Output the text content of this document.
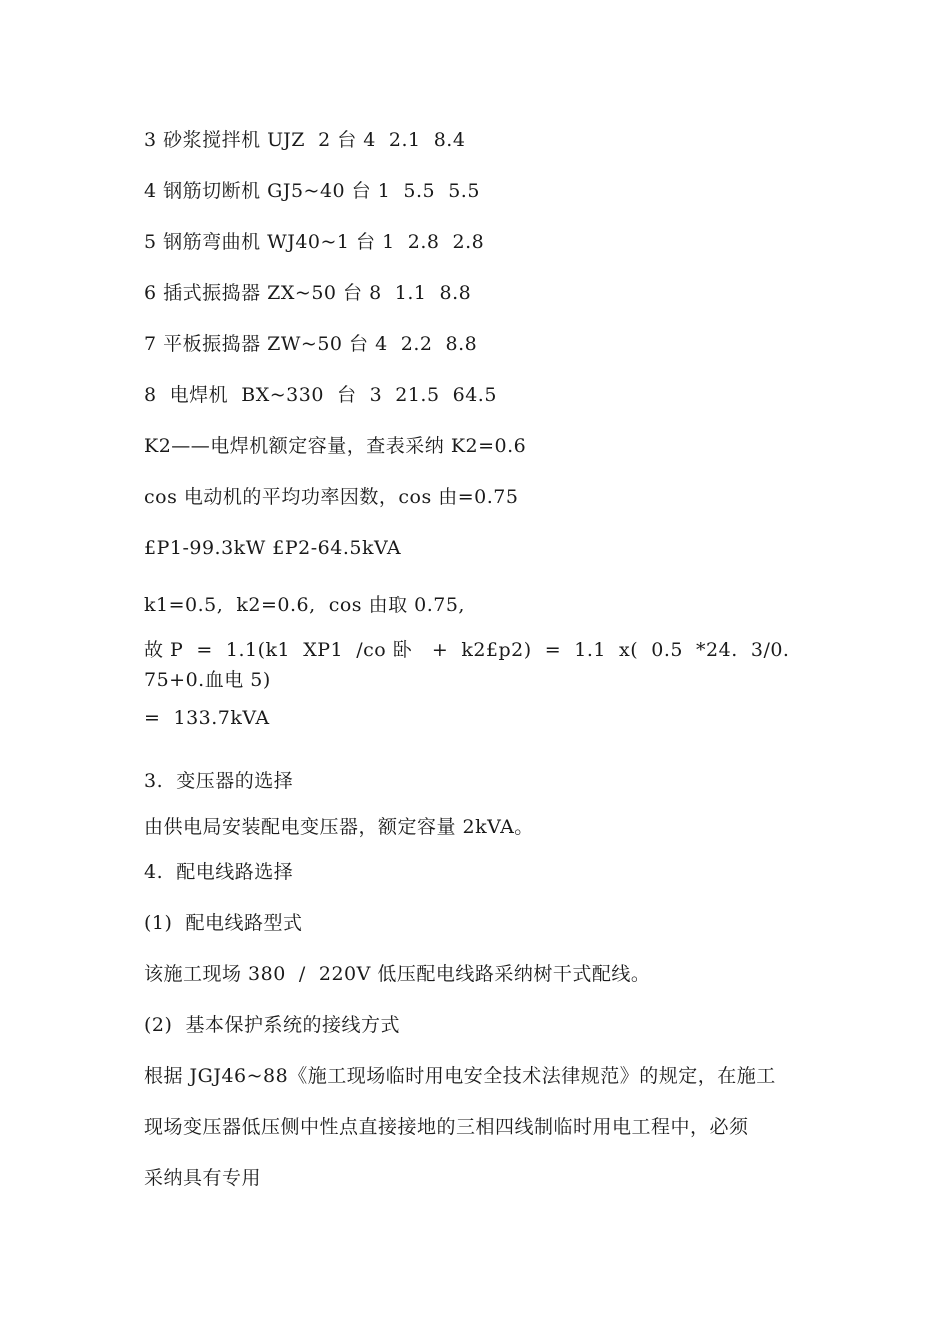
3 砂浆搅拌机 UJZ  2 台 4  2.1  8.4
4 钢筋切断机 GJ5~40 台 1  5.5  5.5
5 钢筋弯曲机 WJ40~1 台 1  2.8  2.8
6 插式振捣器 ZX~50 台 8  1.1  8.8
7 平板振捣器 ZW~50 台 4  2.2  8.8
8  电焊机  BX~330  台  3  21.5  64.5
K2——电焊机额定容量，查表采纳 K2=0.6
cos 电动机的平均功率因数，cos 由=0.75
£P1-99.3kW £P2-64.5kVA
k1=0.5,  k2=0.6,  cos 由取 0.75,
故 P  =  1.1(k1  XP1  /co 卧   +  k2£p2)  =  1.1  x(  0.5  *24.  3/0.
75+0.血电 5)
=  133.7kVA
3.  变压器的选择
由供电局安装配电变压器，额定容量 2kVA。
4.  配电线路选择
(1)  配电线路型式
该施工现场 380  /  220V 低压配电线路采纳树干式配线。
(2)  基本保护系统的接线方式
根据 JGJ46~88《施工现场临时用电安全技术法律规范》的规定，在施工
现场变压器低压侧中性点直接接地的三相四线制临时用电工程中，必须
采纳具有专用
